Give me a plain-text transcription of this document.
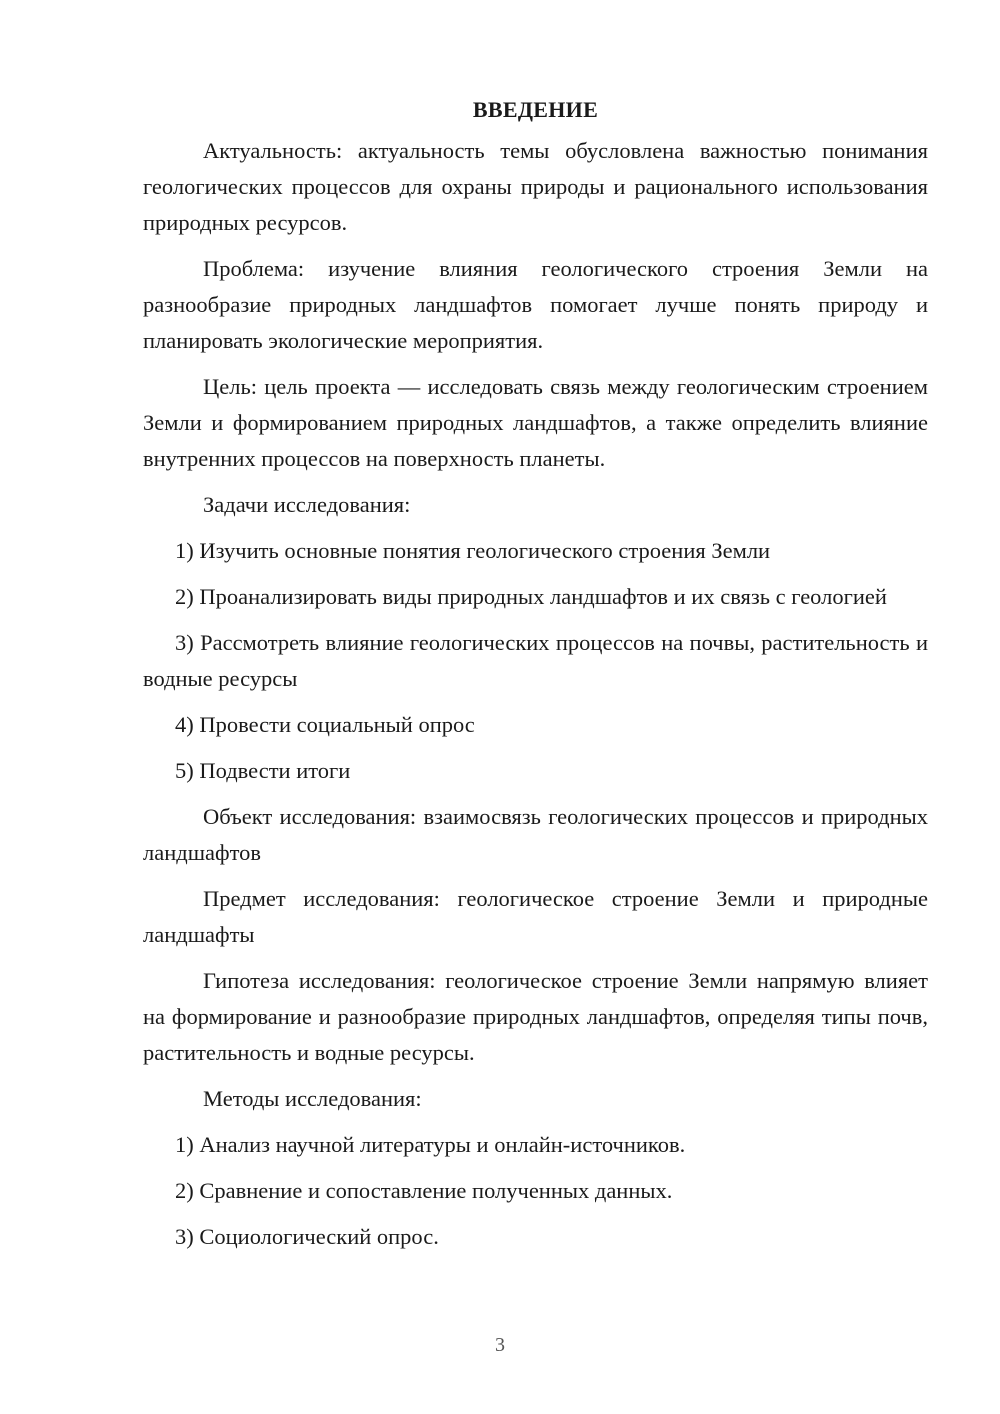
ВВЕДЕНИЕ

Актуальность: актуальность темы обусловлена важностью понимания геологических процессов для охраны природы и рационального использования природных ресурсов.

Проблема: изучение влияния геологического строения Земли на разнообразие природных ландшафтов помогает лучше понять природу и планировать экологические мероприятия.

Цель: цель проекта — исследовать связь между геологическим строением Земли и формированием природных ландшафтов, а также определить влияние внутренних процессов на поверхность планеты.

Задачи исследования:

1) Изучить основные понятия геологического строения Земли

2) Проанализировать виды природных ландшафтов и их связь с геологией

3) Рассмотреть влияние геологических процессов на почвы, растительность и водные ресурсы

4) Провести социальный опрос

5) Подвести итоги

Объект исследования: взаимосвязь геологических процессов и природных ландшафтов

Предмет исследования: геологическое строение Земли и природные ландшафты

Гипотеза исследования: геологическое строение Земли напрямую влияет на формирование и разнообразие природных ландшафтов, определяя типы почв, растительность и водные ресурсы.

Методы исследования:

1) Анализ научной литературы и онлайн-источников.

2) Сравнение и сопоставление полученных данных.

3) Социологический опрос.

3
